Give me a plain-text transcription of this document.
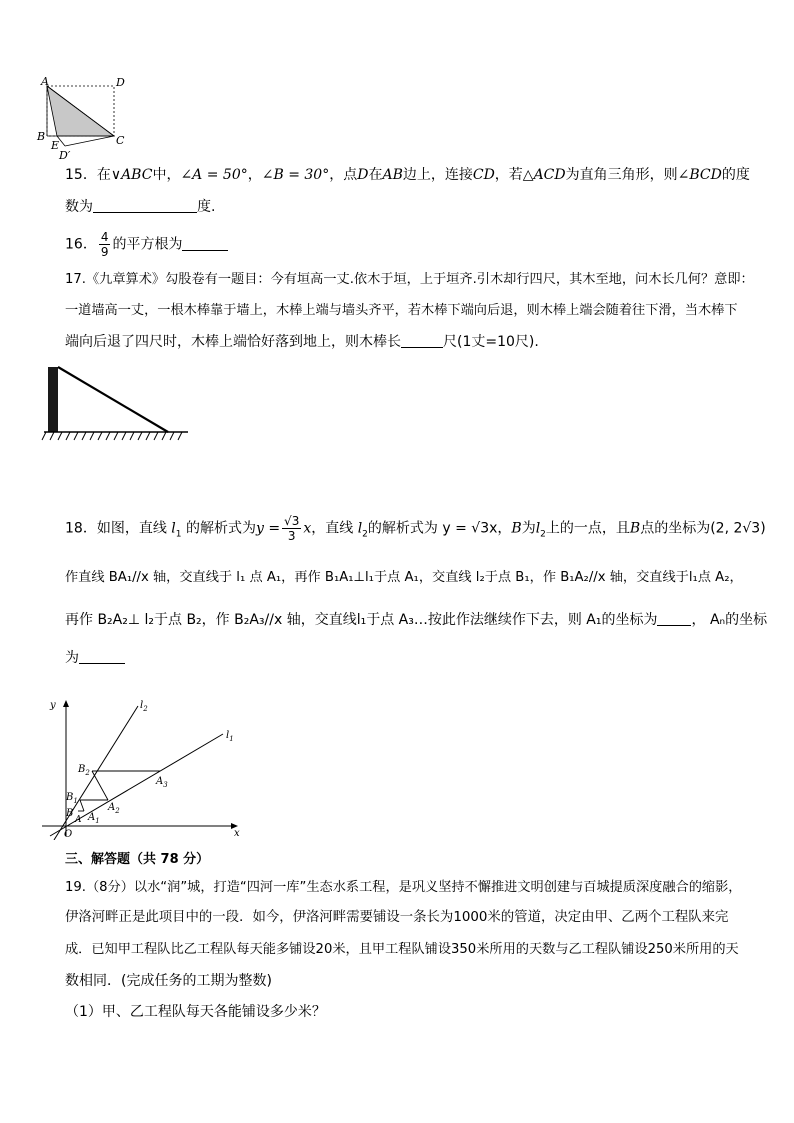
A	D
B
E	C
D′
15．在∨ABC中，∠A = 50°，∠B = 30°，点D在AB边上，连接CD，若△ACD为直角三角形，则∠BCD的度
数为	度.
16． $\frac{4}{9}$ 的平方根为
17.《九章算术》勾股卷有一题目：今有垣高一丈.依木于垣，上于垣齐.引木却行四尺，其木至地，问木长几何？意即：
一道墙高一丈，一根木棒靠于墙上，木棒上端与墙头齐平，若木棒下端向后退，则木棒上端会随着往下滑，当木棒下
端向后退了四尺时，木棒上端恰好落到地上，则木棒长	尺(1丈=10尺).
18．如图，直线 $l_1$ 的解析式为$y = \frac{√3}{3}$ x，直线 $l_2$的解析式为 y = √3x，B为$l_2$上的一点，且B点的坐标为(2, 2√3)
作直线 BA₁//x 轴，交直线于 l₁ 点 A₁，再作 B₁A₁⊥l₁于点 A₁，交直线 l₂于点 B₁，作 B₁A₂//x 轴，交直线于l₁点 A₂，
再作 B₂A₂⊥ l₂于点 B₂，作 B₂A₃//x 轴，交直线l₁于点 A₃…按此作法继续作下去，则 A₁的坐标为 ， Aₙ的坐标
为
y
x
O
$l_1$
$l_2$
B
$B_1$
$B_2$
A $A_1$
$A_2$
$A_3$
三、解答题（共 78 分）
19.（8分）以水“润”城，打造“四河一库”生态水系工程，是巩义坚持不懈推进文明创建与百城提质深度融合的缩影，
伊洛河畔正是此项目中的一段．如今，伊洛河畔需要铺设一条长为1000米的管道，决定由甲、乙两个工程队来完
成．已知甲工程队比乙工程队每天能多铺设20米，且甲工程队铺设350米所用的天数与乙工程队铺设250米所用的天
数相同．(完成任务的工期为整数)
（1）甲、乙工程队每天各能铺设多少米？
